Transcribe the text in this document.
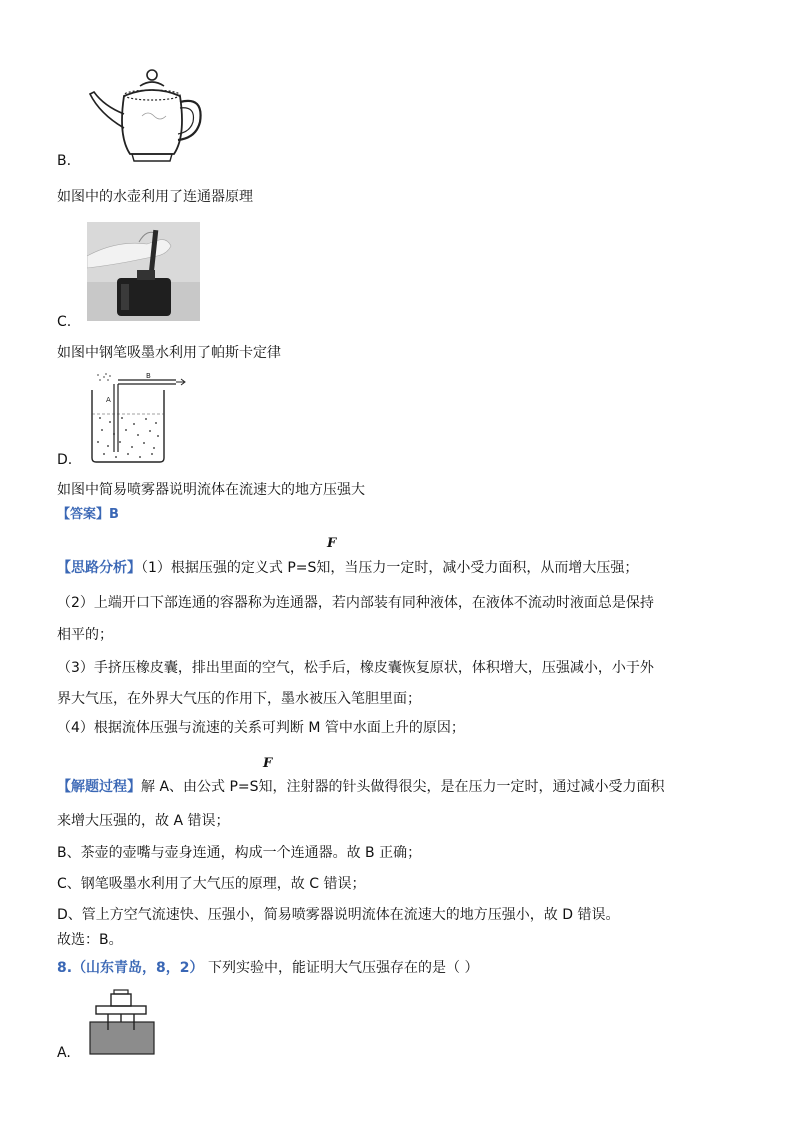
B.
如图中的水壶利用了连通器原理
C.
如图中钢笔吸墨水利用了帕斯卡定律
A
B
D.
如图中简易喷雾器说明流体在流速大的地方压强大
【答案】B
F
【思路分析】（1）根据压强的定义式 P=S知，当压力一定时，减小受力面积，从而增大压强；
（2）上端开口下部连通的容器称为连通器，若内部装有同种液体，在液体不流动时液面总是保持
相平的；
（3）手挤压橡皮囊，排出里面的空气，松手后，橡皮囊恢复原状，体积增大，压强减小，小于外
界大气压，在外界大气压的作用下，墨水被压入笔胆里面；
（4）根据流体压强与流速的关系可判断 M 管中水面上升的原因；
F
【解题过程】解 A、由公式 P=S知，注射器的针头做得很尖，是在压力一定时，通过减小受力面积
来增大压强的，故 A 错误；
B、茶壶的壶嘴与壶身连通，构成一个连通器。故 B 正确；
C、钢笔吸墨水利用了大气压的原理，故 C 错误；
D、管上方空气流速快、压强小，简易喷雾器说明流体在流速大的地方压强小，故 D 错误。
故选：B。
8.（山东青岛，8，2） 下列实验中，能证明大气压强存在的是（ ）
A.
